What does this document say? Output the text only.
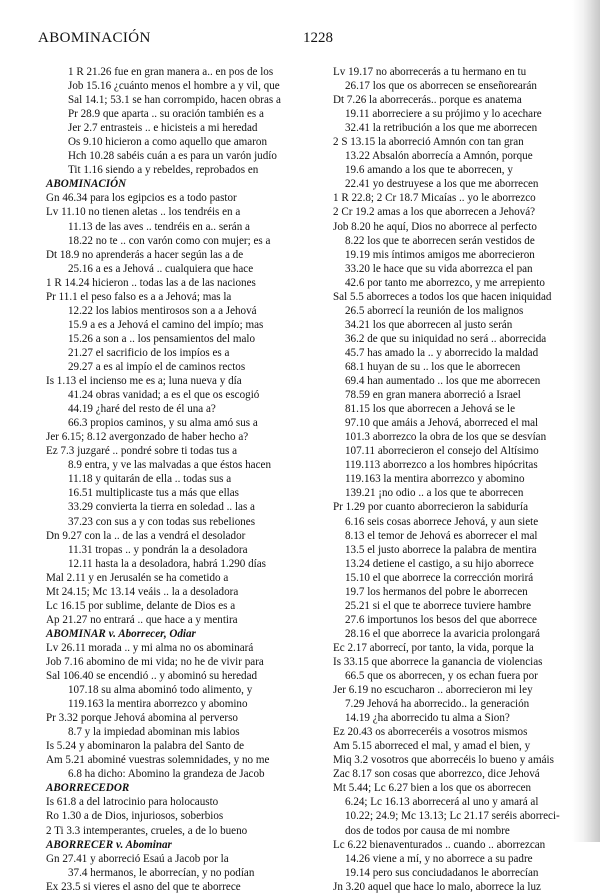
ABOMINACIÓN	1228
1 R 21.26 fue en gran manera a.. en pos de los
Job 15.16 ¿cuánto menos el hombre a y vil, que
Sal 14.1; 53.1 se han corrompido, hacen obras a
Pr 28.9 que aparta .. su oración también es a
Jer 2.7 entrasteis .. e hicisteis a mi heredad
Os 9.10 hicieron a como aquello que amaron
Hch 10.28 sabéis cuán a es para un varón judío
Tit 1.16 siendo a y rebeldes, reprobados en
ABOMINACIÓN
Gn 46.34 para los egipcios es a todo pastor
Lv 11.10 no tienen aletas .. los tendréis en a
11.13 de las aves .. tendréis en a.. serán a
18.22 no te .. con varón como con mujer; es a
Dt 18.9 no aprenderás a hacer según las a de
25.16 a es a Jehová .. cualquiera que hace
1 R 14.24 hicieron .. todas las a de las naciones
Pr 11.1 el peso falso es a a Jehová; mas la
12.22 los labios mentirosos son a a Jehová
15.9 a es a Jehová el camino del impío; mas
15.26 a son a .. los pensamientos del malo
21.27 el sacrificio de los impíos es a
29.27 a es al impío el de caminos rectos
Is 1.13 el incienso me es a; luna nueva y día
41.24 obras vanidad; a es el que os escogió
44.19 ¿haré del resto de él una a?
66.3 propios caminos, y su alma amó sus a
Jer 6.15; 8.12 avergonzado de haber hecho a?
Ez 7.3 juzgaré .. pondré sobre ti todas tus a
8.9 entra, y ve las malvadas a que éstos hacen
11.18 y quitarán de ella .. todas sus a
16.51 multiplicaste tus a más que ellas
33.29 convierta la tierra en soledad .. las a
37.23 con sus a y con todas sus rebeliones
Dn 9.27 con la .. de las a vendrá el desolador
11.31 tropas .. y pondrán la a desoladora
12.11 hasta la a desoladora, habrá 1.290 días
Mal 2.11 y en Jerusalén se ha cometido a
Mt 24.15; Mc 13.14 veáis .. la a desoladora
Lc 16.15 por sublime, delante de Dios es a
Ap 21.27 no entrará .. que hace a y mentira
ABOMINAR v. Aborrecer, Odiar
Lv 26.11 morada .. y mi alma no os abominará
Job 7.16 abomino de mi vida; no he de vivir para
Sal 106.40 se encendió .. y abominó su heredad
107.18 su alma abominó todo alimento, y
119.163 la mentira aborrezco y abomino
Pr 3.32 porque Jehová abomina al perverso
8.7 y la impiedad abominan mis labios
Is 5.24 y abominaron la palabra del Santo de
Am 5.21 abominé vuestras solemnidades, y no me
6.8 ha dicho: Abomino la grandeza de Jacob
ABORRECEDOR
Is 61.8 a del latrocinio para holocausto
Ro 1.30 a de Dios, injuriosos, soberbios
2 Ti 3.3 intemperantes, crueles, a de lo bueno
ABORRECER v. Abominar
Gn 27.41 y aborreció Esaú a Jacob por la
37.4 hermanos, le aborrecían, y no podían
Ex 23.5 si vieres el asno del que te aborrece
Lv 19.17 no aborrecerás a tu hermano en tu
26.17 los que os aborrecen se enseñorearán
Dt 7.26 la aborrecerás.. porque es anatema
19.11 aborreciere a su prójimo y lo acechare
32.41 la retribución a los que me aborrecen
2 S 13.15 la aborreció Amnón con tan gran
13.22 Absalón aborrecía a Amnón, porque
19.6 amando a los que te aborrecen, y
22.41 yo destruyese a los que me aborrecen
1 R 22.8; 2 Cr 18.7 Micaías .. yo le aborrezco
2 Cr 19.2 amas a los que aborrecen a Jehová?
Job 8.20 he aquí, Dios no aborrece al perfecto
8.22 los que te aborrecen serán vestidos de
19.19 mis íntimos amigos me aborrecieron
33.20 le hace que su vida aborrezca el pan
42.6 por tanto me aborrezco, y me arrepiento
Sal 5.5 aborreces a todos los que hacen iniquidad
26.5 aborrecí la reunión de los malignos
34.21 los que aborrecen al justo serán
36.2 de que su iniquidad no será .. aborrecida
45.7 has amado la .. y aborrecido la maldad
68.1 huyan de su .. los que le aborrecen
69.4 han aumentado .. los que me aborrecen
78.59 en gran manera aborreció a Israel
81.15 los que aborrecen a Jehová se le
97.10 que amáis a Jehová, aborreced el mal
101.3 aborrezco la obra de los que se desvían
107.11 aborrecieron el consejo del Altísimo
119.113 aborrezco a los hombres hipócritas
119.163 la mentira aborrezco y abomino
139.21 ¡no odio .. a los que te aborrecen
Pr 1.29 por cuanto aborrecieron la sabiduría
6.16 seis cosas aborrece Jehová, y aun siete
8.13 el temor de Jehová es aborrecer el mal
13.5 el justo aborrece la palabra de mentira
13.24 detiene el castigo, a su hijo aborrece
15.10 el que aborrece la corrección morirá
19.7 los hermanos del pobre le aborrecen
25.21 si el que te aborrece tuviere hambre
27.6 importunos los besos del que aborrece
28.16 el que aborrece la avaricia prolongará
Ec 2.17 aborrecí, por tanto, la vida, porque la
Is 33.15 que aborrece la ganancia de violencias
66.5 que os aborrecen, y os echan fuera por
Jer 6.19 no escucharon .. aborrecieron mi ley
7.29 Jehová ha aborrecido.. la generación
14.19 ¿ha aborrecido tu alma a Sion?
Ez 20.43 os aborreceréis a vosotros mismos
Am 5.15 aborreced el mal, y amad el bien, y
Miq 3.2 vosotros que aborrecéis lo bueno y amáis
Zac 8.17 son cosas que aborrezco, dice Jehová
Mt 5.44; Lc 6.27 bien a los que os aborrecen
6.24; Lc 16.13 aborrecerá al uno y amará al
10.22; 24.9; Mc 13.13; Lc 21.17 seréis aborreci-
dos de todos por causa de mi nombre
Lc 6.22 bienaventurados .. cuando .. aborrezcan
14.26 viene a mí, y no aborrece a su padre
19.14 pero sus conciudadanos le aborrecían
Jn 3.20 aquel que hace lo malo, aborrece la luz
